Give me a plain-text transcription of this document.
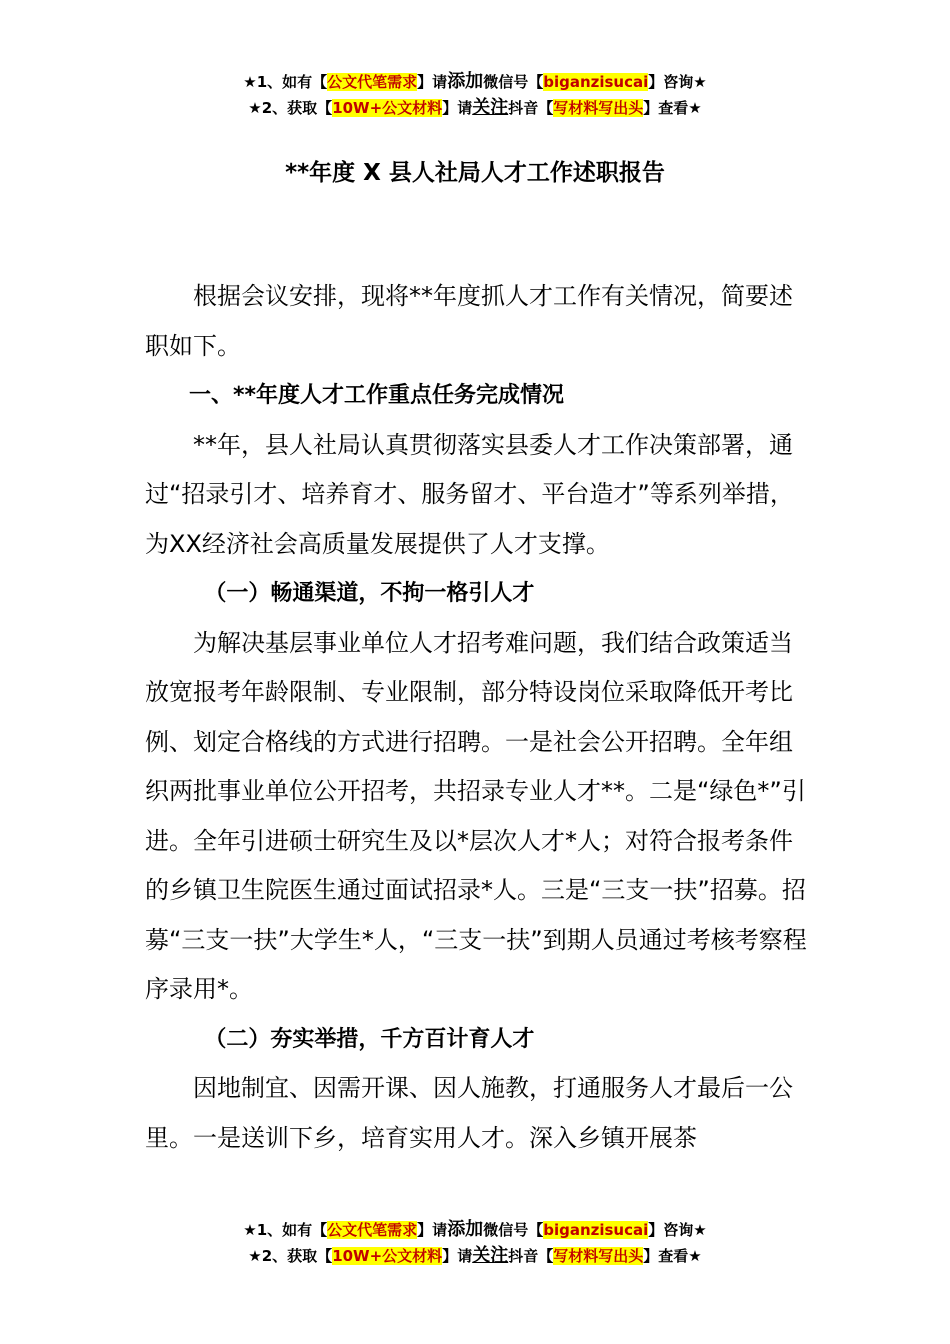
★1、如有【公文代笔需求】请添加微信号【biganzisucai】咨询★
★2、获取【10W+公文材料】请关注抖音【写材料写出头】查看★
**年度 X 县人社局人才工作述职报告

根据会议安排，现将**年度抓人才工作有关情况，简要述职如下。

一、**年度人才工作重点任务完成情况

**年，县人社局认真贯彻落实县委人才工作决策部署，通过“招录引才、培养育才、服务留才、平台造才”等系列举措，为XX经济社会高质量发展提供了人才支撑。

（一）畅通渠道，不拘一格引人才

为解决基层事业单位人才招考难问题，我们结合政策适当放宽报考年龄限制、专业限制，部分特设岗位采取降低开考比例、划定合格线的方式进行招聘。一是社会公开招聘。全年组织两批事业单位公开招考，共招录专业人才**。二是“绿色*”引进。全年引进硕士研究生及以*层次人才*人；对符合报考条件的乡镇卫生院医生通过面试招录*人。三是“三支一扶”招募。招募“三支一扶”大学生*人，“三支一扶”到期人员通过考核考察程序录用*。

（二）夯实举措，千方百计育人才

因地制宜、因需开课、因人施教，打通服务人才最后一公里。一是送训下乡，培育实用人才。深入乡镇开展茶

★1、如有【公文代笔需求】请添加微信号【biganzisucai】咨询★
★2、获取【10W+公文材料】请关注抖音【写材料写出头】查看★
